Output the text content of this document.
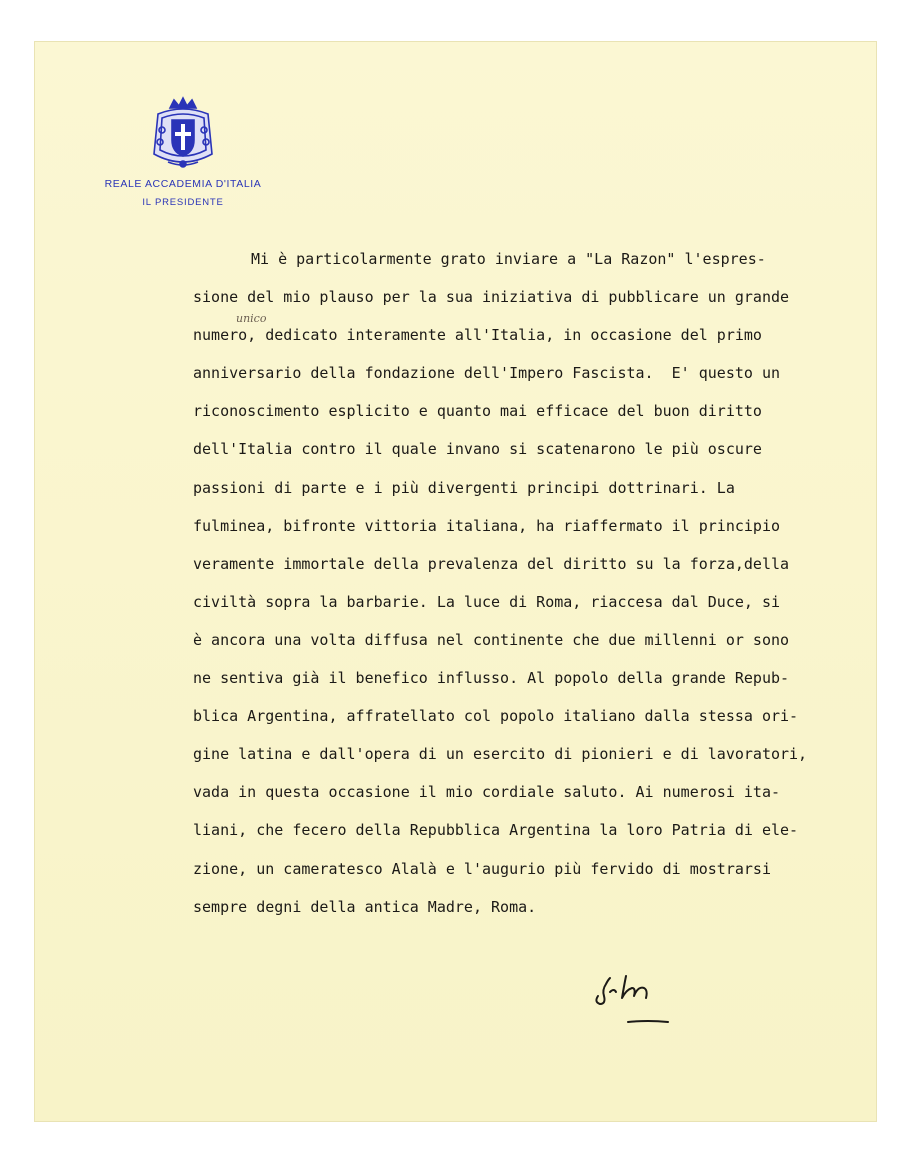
REALE ACCADEMIA D'ITALIA
IL PRESIDENTE
unico
Mi è particolarmente grato inviare a "La Razon" l'espres-
sione del mio plauso per la sua iniziativa di pubblicare un grande
numero, dedicato interamente all'Italia, in occasione del primo
anniversario della fondazione dell'Impero Fascista.  E' questo un
riconoscimento esplicito e quanto mai efficace del buon diritto
dell'Italia contro il quale invano si scatenarono le più oscure
passioni di parte e i più divergenti principi dottrinari. La
fulminea, bifronte vittoria italiana, ha riaffermato il principio
veramente immortale della prevalenza del diritto su la forza,della
civiltà sopra la barbarie. La luce di Roma, riaccesa dal Duce, si
è ancora una volta diffusa nel continente che due millenni or sono
ne sentiva già il benefico influsso. Al popolo della grande Repub-
blica Argentina, affratellato col popolo italiano dalla stessa ori-
gine latina e dall'opera di un esercito di pionieri e di lavoratori,
vada in questa occasione il mio cordiale saluto. Ai numerosi ita-
liani, che fecero della Repubblica Argentina la loro Patria di ele-
zione, un cameratesco Alalà e l'augurio più fervido di mostrarsi
sempre degni della antica Madre, Roma.
